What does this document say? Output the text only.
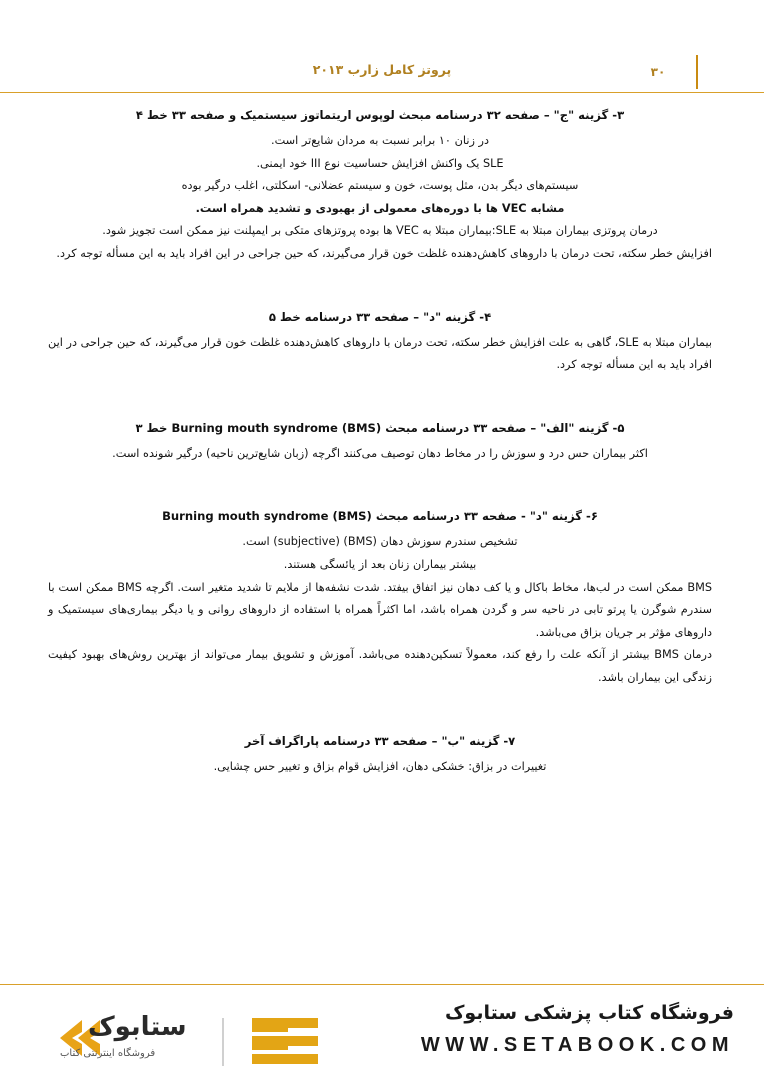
پروتز کامل زارب ۲۰۱۳	۳۰
۳- گزینه "ج" – صفحه ۳۲ درسنامه مبحث لوپوس اریتماتوز سیستمیک و صفحه ۳۳ خط ۴
در زنان ۱۰ برابر نسبت به مردان شایع‌تر است.
SLE یک واکنش افزایش حساسیت نوع III خود ایمنی.
سیستم‌های دیگر بدن، مثل پوست، خون و سیستم عضلانی- اسکلتی، اغلب درگیر بوده
مشابه VEC ها با دوره‌های معمولی از بهبودی و تشدید همراه است.
درمان پروتزی بیماران مبتلا به SLE:بیماران مبتلا به VEC ها بوده پروتزهای متکی بر ایمپلنت نیز ممکن است تجویز شود.
افزایش خطر سکته، تحت درمان با داروهای کاهش‌دهنده غلظت خون قرار می‌گیرند، که حین جراحی در این افراد باید به این مسأله توجه کرد.
۴- گزینه "د" – صفحه ۳۳ درسنامه خط ۵
بیماران مبتلا به SLE، گاهی به علت افزایش خطر سکته، تحت درمان با داروهای کاهش‌دهنده غلظت خون قرار می‌گیرند، که حین جراحی در این افراد باید به این مسأله توجه کرد.
۵- گزینه "الف" – صفحه ۳۳ درسنامه مبحث Burning mouth syndrome (BMS) خط ۳
اکثر بیماران حس درد و سوزش را در مخاط دهان توصیف می‌کنند اگرچه (زبان شایع‌ترین ناحیه) درگیر شونده است.
۶- گزینه "د" - صفحه ۳۳ درسنامه مبحث Burning mouth syndrome (BMS)
تشخیص سندرم سوزش دهان (BMS) (subjective) است.
بیشتر بیماران زنان بعد از یائسگی هستند.
BMS ممکن است در لب‌ها، مخاط باکال و یا کف دهان نیز اتفاق بیفتد. شدت نشفه‌ها از ملایم تا شدید متغیر است. اگرچه BMS ممکن است با سندرم شوگرن یا پرتو تابی در ناحیه سر و گردن همراه باشد، اما اکثراً همراه با استفاده از داروهای روانی و یا دیگر بیماری‌های سیستمیک و داروهای مؤثر بر جریان بزاق می‌باشد.
درمان BMS بیشتر از آنکه علت را رفع کند، معمولاً تسکین‌دهنده می‌باشد. آموزش و تشویق بیمار می‌تواند از بهترین روش‌های بهبود کیفیت زندگی این بیماران باشد.
۷- گزینه "ب" – صفحه ۳۳ درسنامه پاراگراف آخر
تغییرات در بزاق: خشکی دهان، افزایش قوام بزاق و تغییر حس چشایی.
فروشگاه کتاب پزشکی ستابوک
WWW.SETABOOK.COM
ستابوک
فروشگاه اینترنتی کتاب
